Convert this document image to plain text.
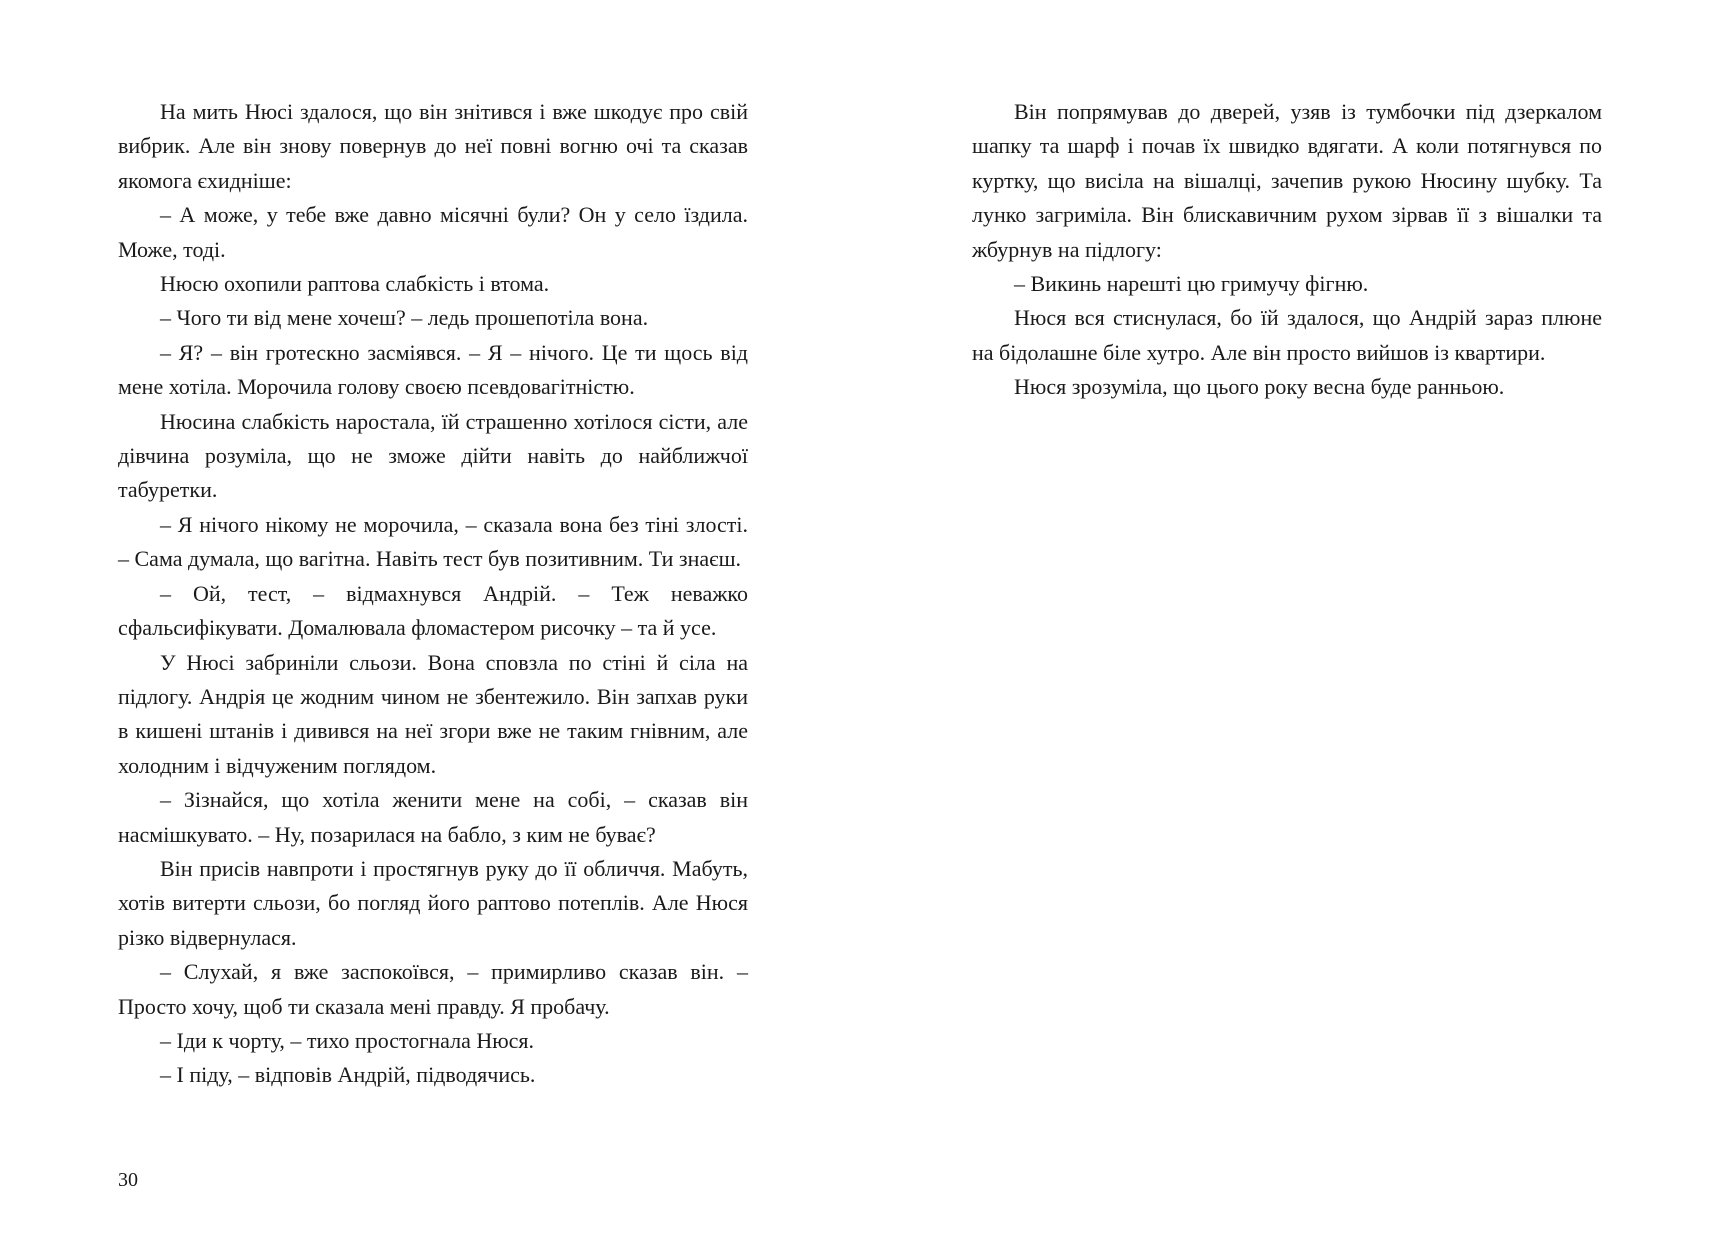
На мить Нюсі здалося, що він знітився і вже шкодує про свій вибрик. Але він знову повернув до неї повні вогню очі та сказав якомога єхидніше:

– А може, у тебе вже давно місячні були? Он у село їздила. Може, тоді.

Нюсю охопили раптова слабкість і втома.

– Чого ти від мене хочеш? – ледь прошепотіла вона.

– Я? – він гротескно засміявся. – Я – нічого. Це ти щось від мене хотіла. Морочила голову своєю псевдовагітністю.

Нюсина слабкість наростала, їй страшенно хотілося сісти, але дівчина розуміла, що не зможе дійти навіть до найближчої табуретки.

– Я нічого нікому не морочила, – сказала вона без тіні злості. – Сама думала, що вагітна. Навіть тест був позитивним. Ти знаєш.

– Ой, тест, – відмахнувся Андрій. – Теж неважко сфальсифікувати. Домалювала фломастером рисочку – та й усе.

У Нюсі забриніли сльози. Вона сповзла по стіні й сіла на підлогу. Андрія це жодним чином не збентежило. Він запхав руки в кишені штанів і дивився на неї згори вже не таким гнівним, але холодним і відчуженим поглядом.

– Зізнайся, що хотіла женити мене на собі, – сказав він насмішкувато. – Ну, позарилася на бабло, з ким не буває?

Він присів навпроти і простягнув руку до її обличчя. Мабуть, хотів витерти сльози, бо погляд його раптово потеплів. Але Нюся різко відвернулася.

– Слухай, я вже заспокоївся, – примирливо сказав він. – Просто хочу, щоб ти сказала мені правду. Я пробачу.

– Іди к чорту, – тихо простогнала Нюся.

– І піду, – відповів Андрій, підводячись.

30

Він попрямував до дверей, узяв із тумбочки під дзеркалом шапку та шарф і почав їх швидко вдягати. А коли потягнувся по куртку, що висіла на вішалці, зачепив рукою Нюсину шубку. Та лунко загриміла. Він блискавичним рухом зірвав її з вішалки та жбурнув на підлогу:

– Викинь нарешті цю гримучу фігню.

Нюся вся стиснулася, бо їй здалося, що Андрій зараз плюне на бідолашне біле хутро. Але він просто вийшов із квартири.

Нюся зрозуміла, що цього року весна буде ранньою.
